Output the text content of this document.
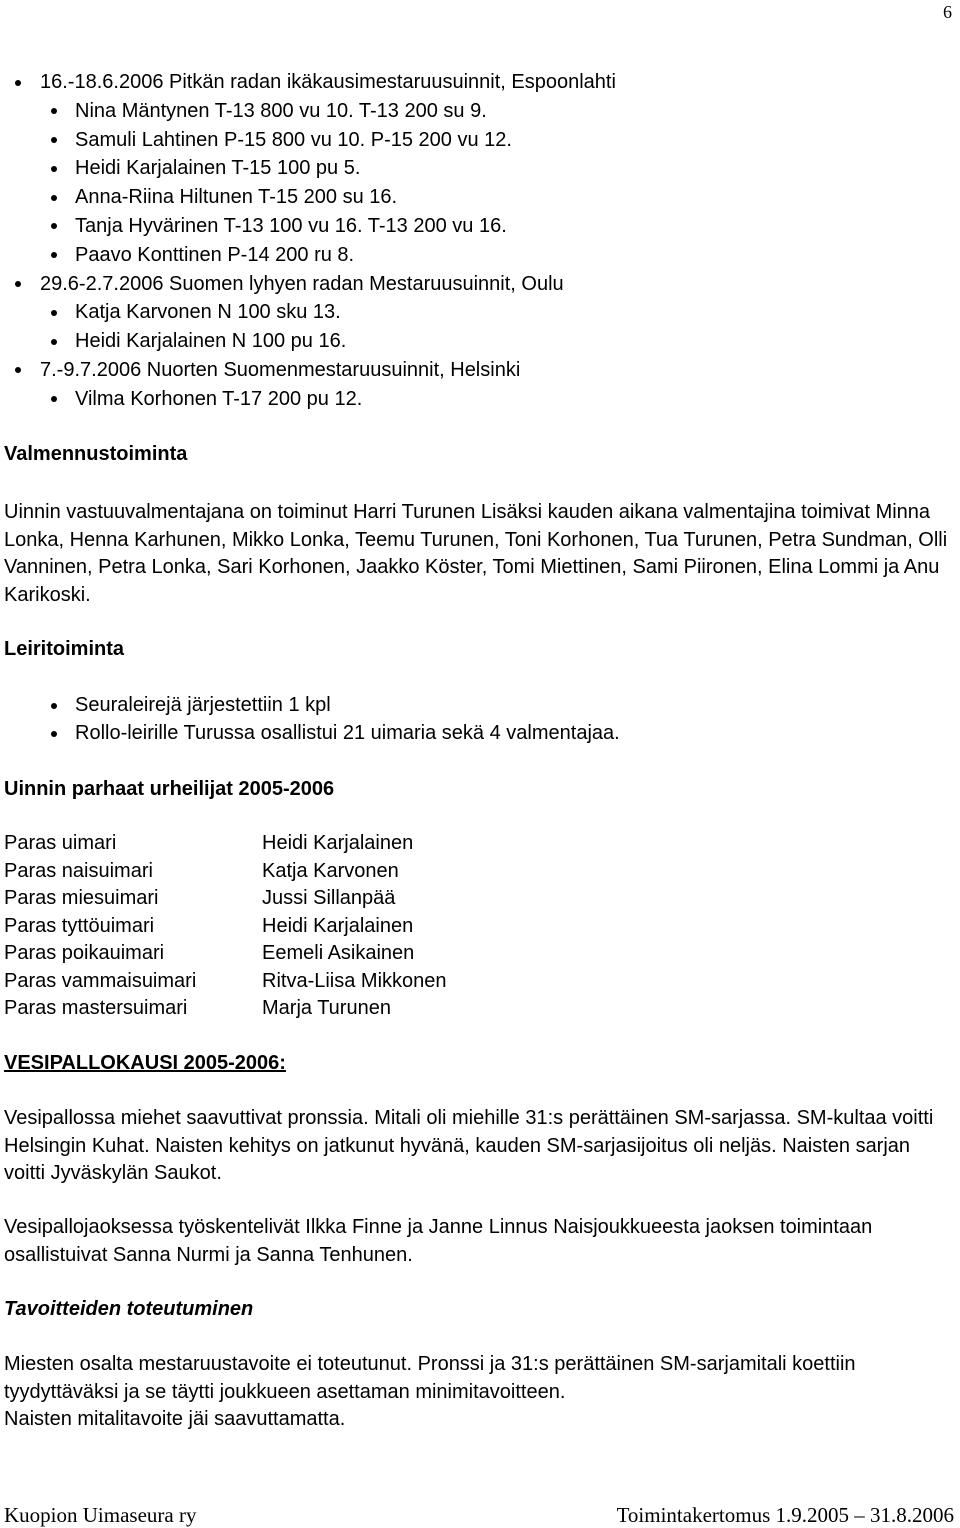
6
16.-18.6.2006 Pitkän radan ikäkausimestaruusuinnit, Espoonlahti
Nina Mäntynen T-13 800 vu 10. T-13 200 su 9.
Samuli Lahtinen P-15 800 vu 10. P-15 200 vu 12.
Heidi Karjalainen T-15 100 pu 5.
Anna-Riina Hiltunen T-15 200 su 16.
Tanja Hyvärinen T-13 100 vu 16. T-13 200 vu 16.
Paavo Konttinen P-14 200 ru 8.
29.6-2.7.2006 Suomen lyhyen radan Mestaruusuinnit, Oulu
Katja Karvonen N 100 sku 13.
Heidi Karjalainen N 100 pu 16.
7.-9.7.2006 Nuorten Suomenmestaruusuinnit, Helsinki
Vilma Korhonen T-17 200 pu 12.
Valmennustoiminta

Uinnin vastuuvalmentajana on toiminut Harri Turunen Lisäksi kauden aikana valmentajina toimivat Minna Lonka, Henna Karhunen, Mikko Lonka, Teemu Turunen, Toni Korhonen, Tua Turunen, Petra Sundman, Olli Vanninen, Petra Lonka, Sari Korhonen, Jaakko Köster, Tomi Miettinen, Sami Piironen, Elina Lommi ja Anu Karikoski.

Leiritoiminta
Seuraleirejä järjestettiin 1 kpl
Rollo-leirille Turussa osallistui 21 uimaria sekä 4 valmentajaa.
Uinnin parhaat urheilijat 2005-2006
Paras uimari	Heidi Karjalainen
Paras naisuimari	Katja Karvonen
Paras miesuimari	Jussi Sillanpää
Paras tyttöuimari	Heidi Karjalainen
Paras poikauimari	Eemeli Asikainen
Paras vammaisuimari	Ritva-Liisa Mikkonen
Paras mastersuimari	Marja Turunen
VESIPALLOKAUSI 2005-2006:

Vesipallossa miehet saavuttivat pronssia. Mitali oli miehille 31:s perättäinen SM-sarjassa. SM-kultaa voitti Helsingin Kuhat. Naisten kehitys on jatkunut hyvänä, kauden SM-sarjasijoitus oli neljäs. Naisten sarjan voitti Jyväskylän Saukot.

Vesipallojaoksessa työskentelivät Ilkka Finne ja Janne Linnus Naisjoukkueesta jaoksen toimintaan osallistuivat Sanna Nurmi ja Sanna Tenhunen.

Tavoitteiden toteutuminen

Miesten osalta mestaruustavoite ei toteutunut. Pronssi ja 31:s perättäinen SM-sarjamitali koettiin tyydyttäväksi ja se täytti joukkueen asettaman minimitavoitteen.

Naisten mitalitavoite jäi saavuttamatta.
Kuopion Uimaseura ry	Toimintakertomus 1.9.2005 – 31.8.2006
